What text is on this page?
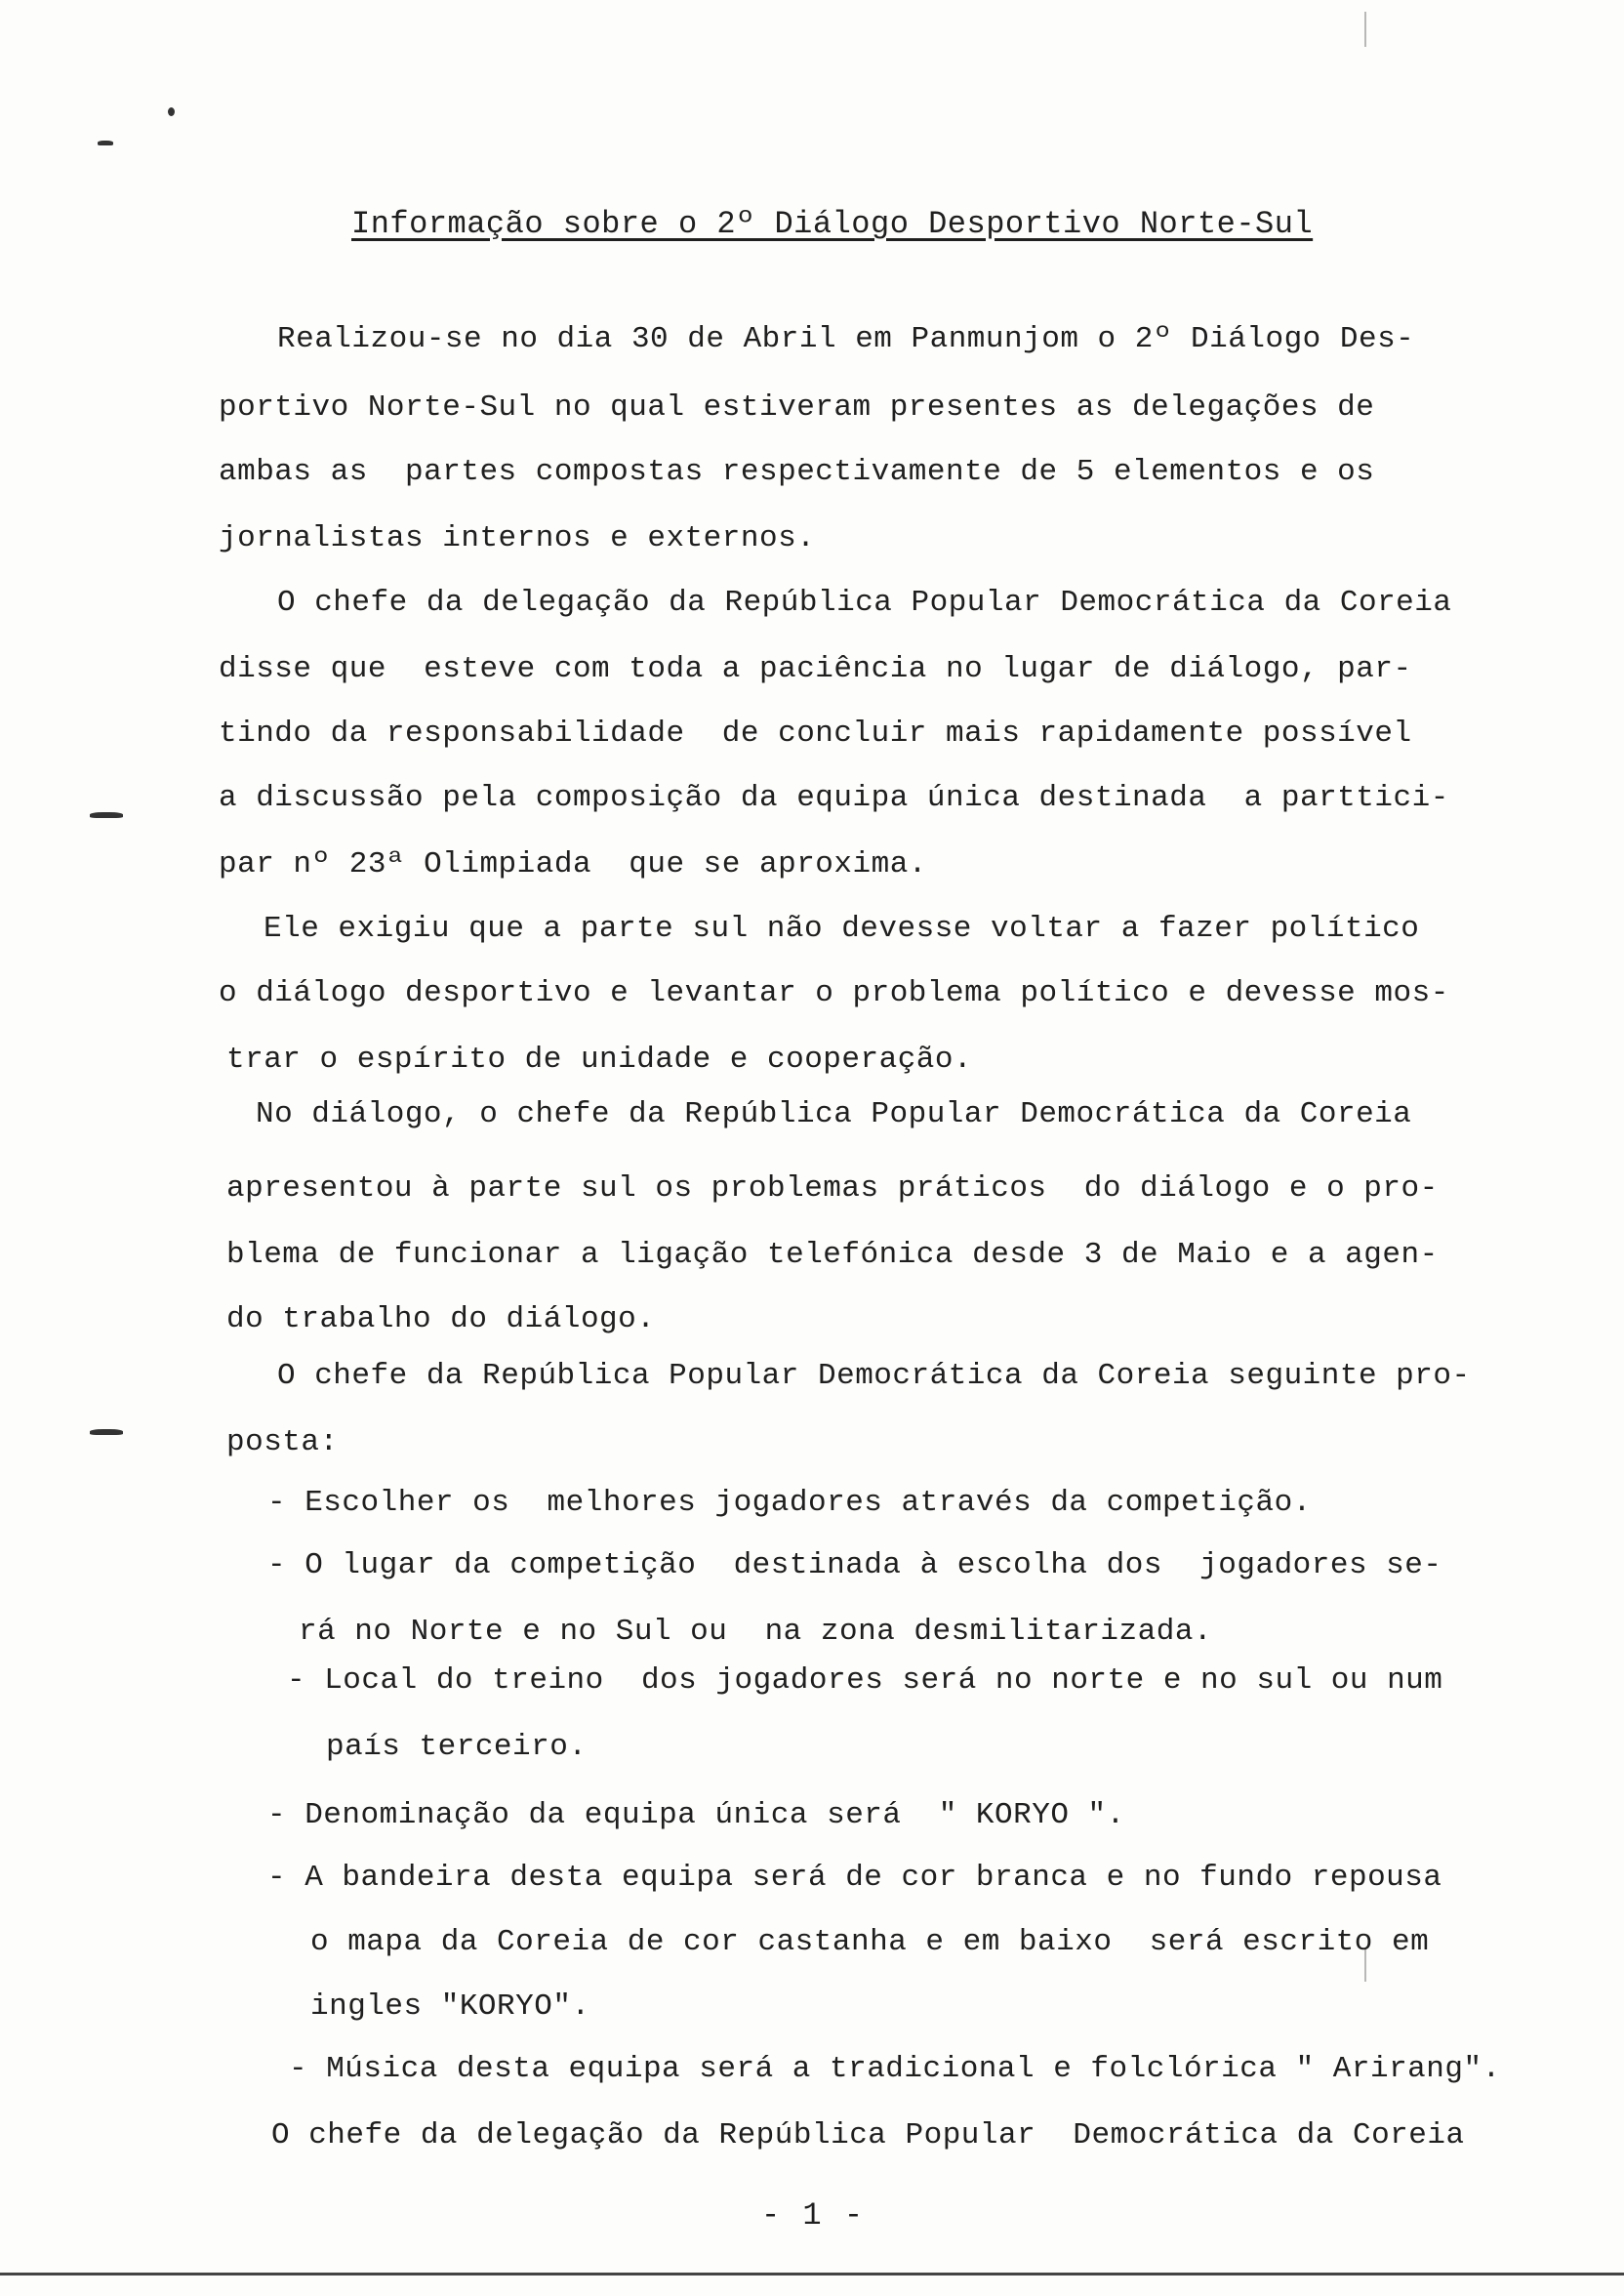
Informação sobre o 2º Diálogo Desportivo Norte-Sul
Realizou-se no dia 30 de Abril em Panmunjom o 2º Diálogo Des-
portivo Norte-Sul no qual estiveram presentes as delegações de
ambas as  partes compostas respectivamente de 5 elementos e os
jornalistas internos e externos.
O chefe da delegação da República Popular Democrática da Coreia
disse que  esteve com toda a paciência no lugar de diálogo, par-
tindo da responsabilidade  de concluir mais rapidamente possível
a discussão pela composição da equipa única destinada  a parttici-
par nº 23ª Olimpiada  que se aproxima.
Ele exigiu que a parte sul não devesse voltar a fazer político
o diálogo desportivo e levantar o problema político e devesse mos-
trar o espírito de unidade e cooperação.
No diálogo, o chefe da República Popular Democrática da Coreia
apresentou à parte sul os problemas práticos  do diálogo e o pro-
blema de funcionar a ligação telefónica desde 3 de Maio e a agen-
do trabalho do diálogo.
O chefe da República Popular Democrática da Coreia seguinte pro-
posta:
- Escolher os  melhores jogadores através da competição.
- O lugar da competição  destinada à escolha dos  jogadores se-
rá no Norte e no Sul ou  na zona desmilitarizada.
- Local do treino  dos jogadores será no norte e no sul ou num
país terceiro.
- Denominação da equipa única será  " KORYO ".
- A bandeira desta equipa será de cor branca e no fundo repousa
o mapa da Coreia de cor castanha e em baixo  será escrito em
ingles "KORYO".
- Música desta equipa será a tradicional e folclórica " Arirang".
O chefe da delegação da República Popular  Democrática da Coreia
- 1 -
